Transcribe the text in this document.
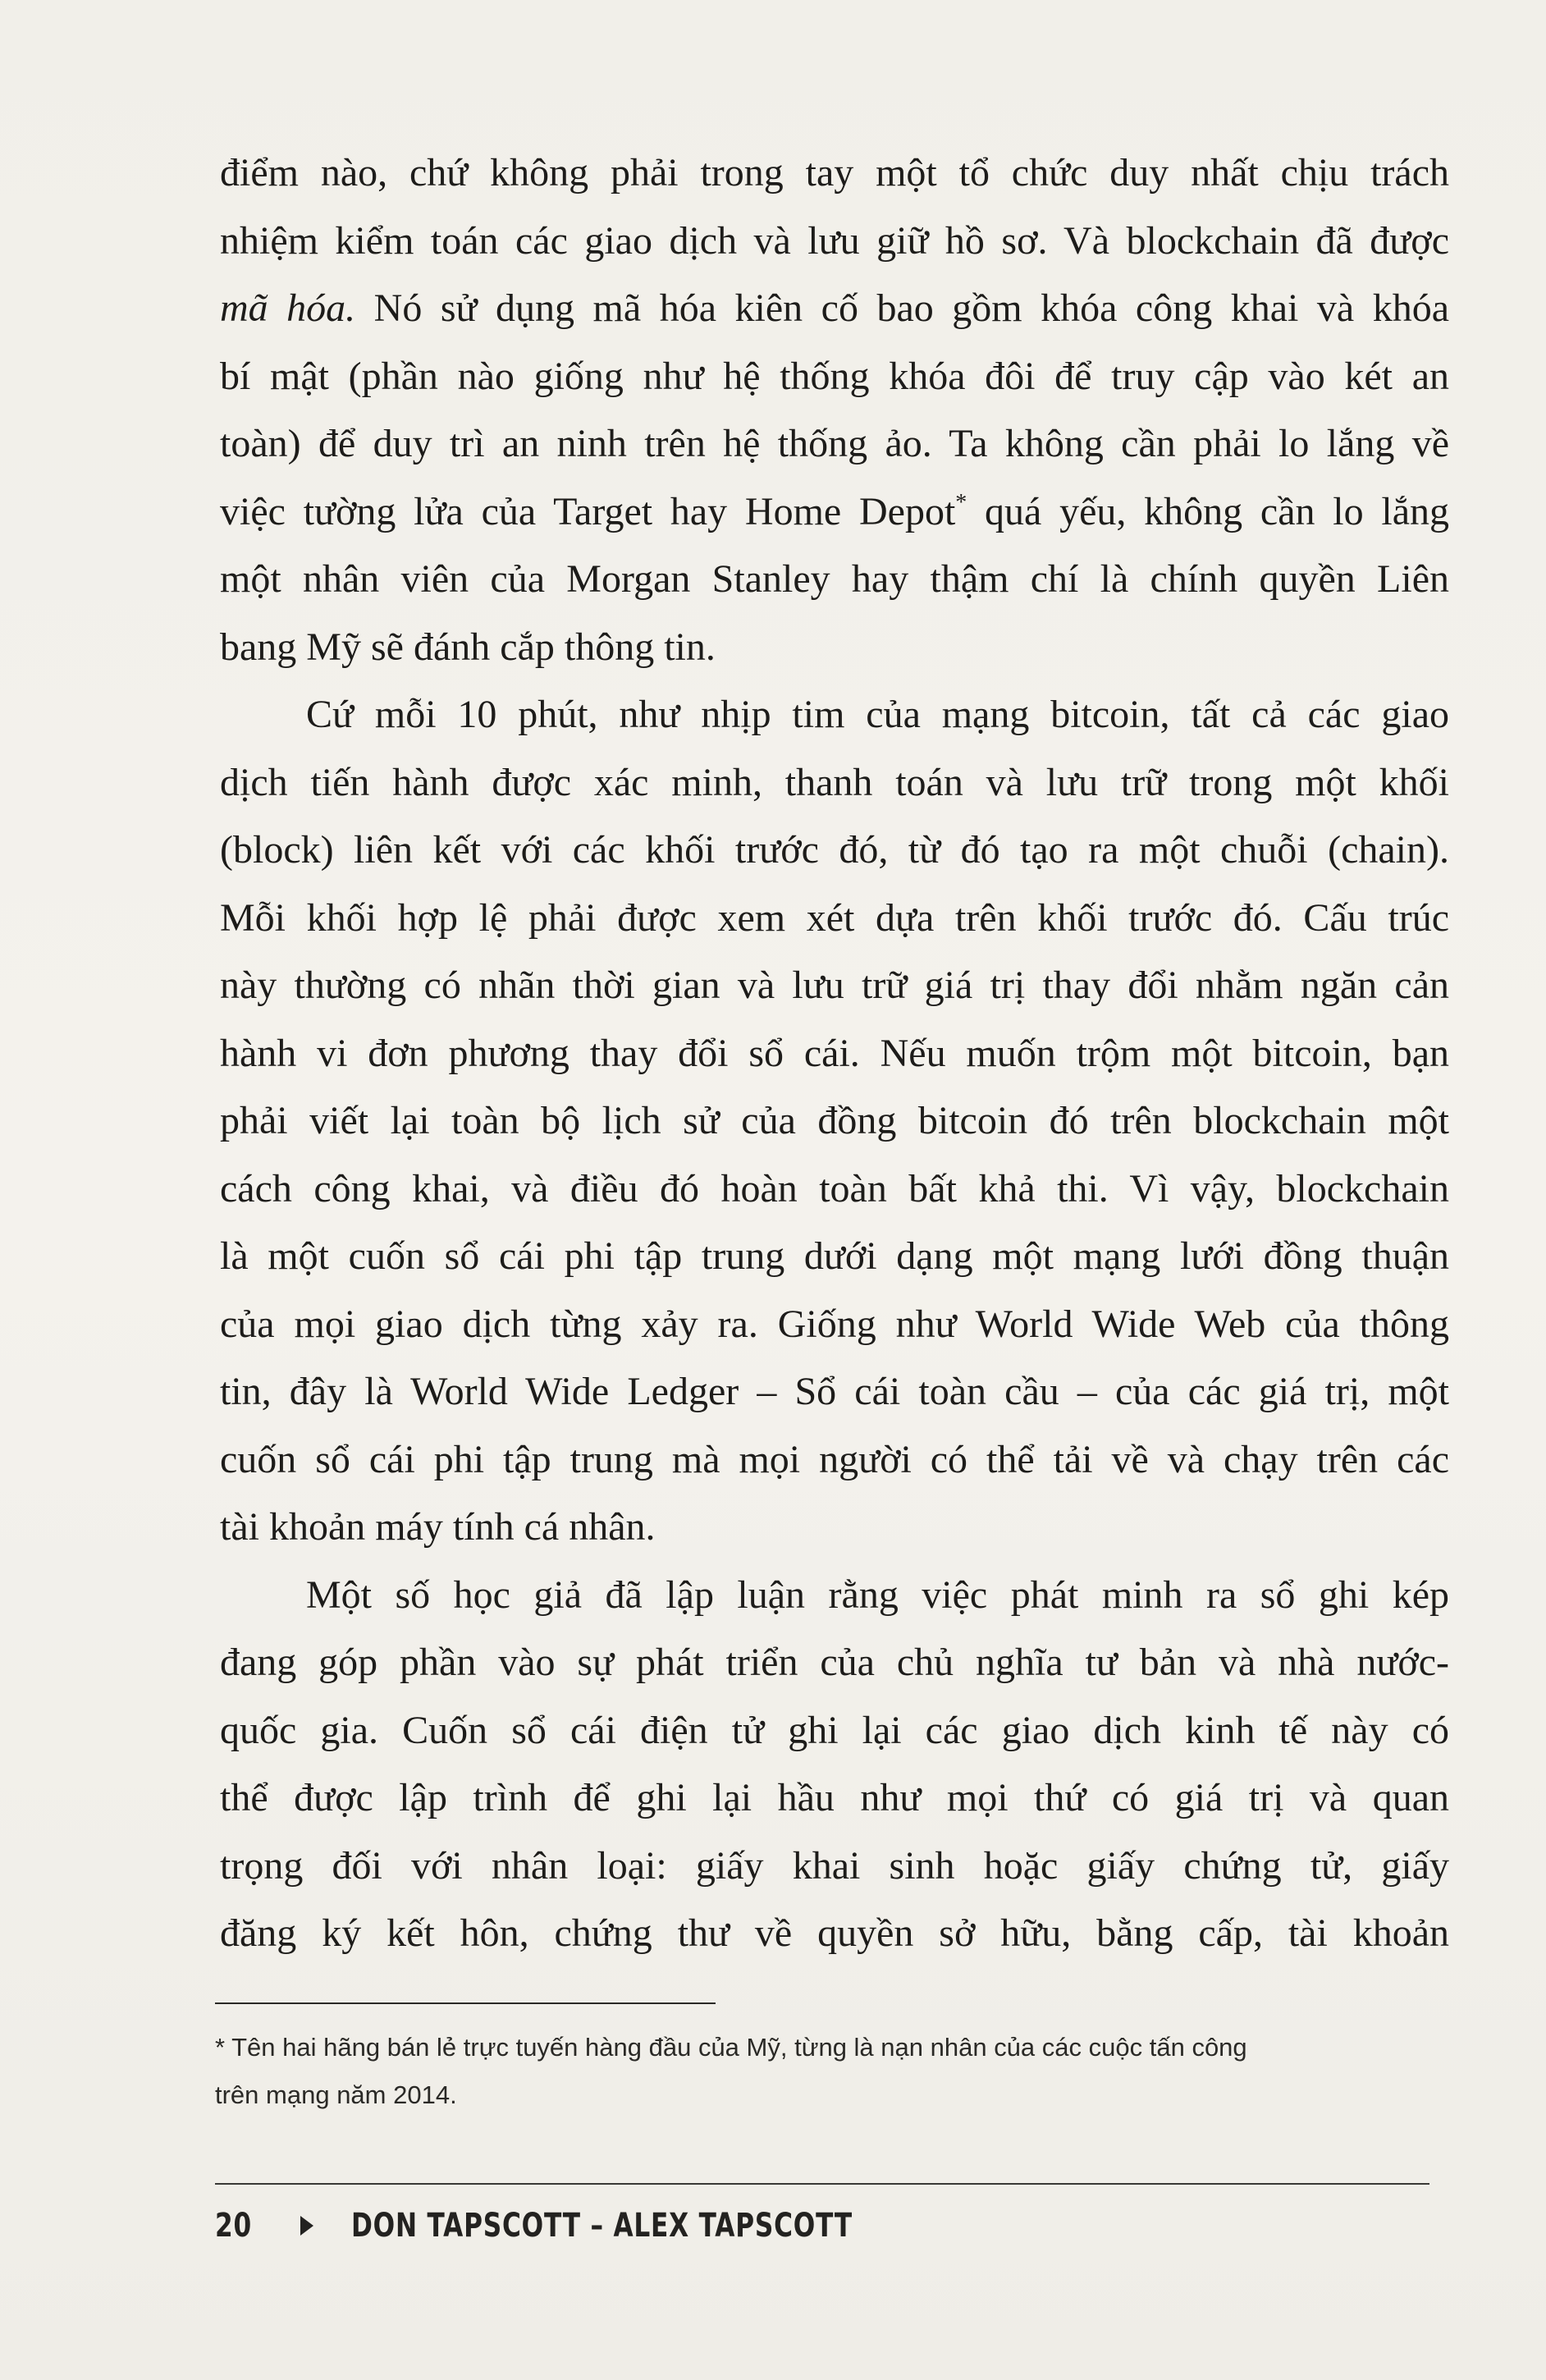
điểm nào, chứ không phải trong tay một tổ chức duy nhất chịu trách
nhiệm kiểm toán các giao dịch và lưu giữ hồ sơ. Và blockchain đã được
mã hóa. Nó sử dụng mã hóa kiên cố bao gồm khóa công khai và khóa
bí mật (phần nào giống như hệ thống khóa đôi để truy cập vào két an
toàn) để duy trì an ninh trên hệ thống ảo. Ta không cần phải lo lắng về
việc tường lửa của Target hay Home Depot* quá yếu, không cần lo lắng
một nhân viên của Morgan Stanley hay thậm chí là chính quyền Liên
bang Mỹ sẽ đánh cắp thông tin.
Cứ mỗi 10 phút, như nhịp tim của mạng bitcoin, tất cả các giao
dịch tiến hành được xác minh, thanh toán và lưu trữ trong một khối
(block) liên kết với các khối trước đó, từ đó tạo ra một chuỗi (chain).
Mỗi khối hợp lệ phải được xem xét dựa trên khối trước đó. Cấu trúc
này thường có nhãn thời gian và lưu trữ giá trị thay đổi nhằm ngăn cản
hành vi đơn phương thay đổi sổ cái. Nếu muốn trộm một bitcoin, bạn
phải viết lại toàn bộ lịch sử của đồng bitcoin đó trên blockchain một
cách công khai, và điều đó hoàn toàn bất khả thi. Vì vậy, blockchain
là một cuốn sổ cái phi tập trung dưới dạng một mạng lưới đồng thuận
của mọi giao dịch từng xảy ra. Giống như World Wide Web của thông
tin, đây là World Wide Ledger – Sổ cái toàn cầu – của các giá trị, một
cuốn sổ cái phi tập trung mà mọi người có thể tải về và chạy trên các
tài khoản máy tính cá nhân.
Một số học giả đã lập luận rằng việc phát minh ra sổ ghi kép
đang góp phần vào sự phát triển của chủ nghĩa tư bản và nhà nước-
quốc gia. Cuốn sổ cái điện tử ghi lại các giao dịch kinh tế này có
thể được lập trình để ghi lại hầu như mọi thứ có giá trị và quan
trọng đối với nhân loại: giấy khai sinh hoặc giấy chứng tử, giấy
đăng ký kết hôn, chứng thư về quyền sở hữu, bằng cấp, tài khoản
* Tên hai hãng bán lẻ trực tuyến hàng đầu của Mỹ, từng là nạn nhân của các cuộc tấn công
trên mạng năm 2014.
20	DON TAPSCOTT – ALEX TAPSCOTT
